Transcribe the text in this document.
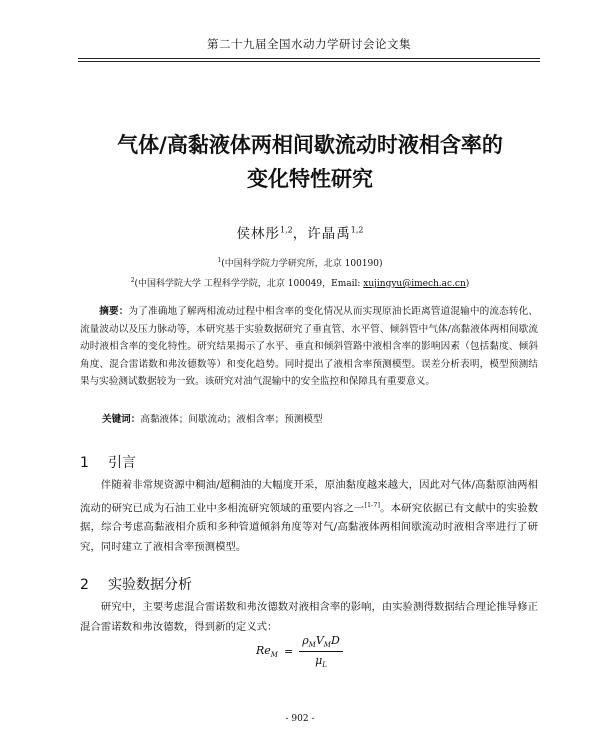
第二十九届全国水动力学研讨会论文集
气体/高黏液体两相间歇流动时液相含率的
变化特性研究
侯林彤$^{1,2}$，许晶禹$^{1,2}$
$^1$(中国科学院力学研究所，北京 100190)
$^2$(中国科学院大学 工程科学学院，北京 100049，Email: xujingyu@imech.ac.cn)
摘要：为了准确地了解两相流动过程中相含率的变化情况从而实现原油长距离管道混输中的流态转化、流量波动以及压力脉动等，本研究基于实验数据研究了垂直管、水平管、倾斜管中气体/高黏液体两相间歇流动时液相含率的变化特性。研究结果揭示了水平、垂直和倾斜管路中液相含率的影响因素（包括黏度、倾斜角度、混合雷诺数和弗汝德数等）和变化趋势。同时提出了液相含率预测模型。误差分析表明，模型预测结果与实验测试数据较为一致。该研究对油气混输中的安全监控和保障具有重要意义。
关键词：高黏液体；间歇流动；液相含率；预测模型
1 引言
伴随着非常规资源中稠油/超稠油的大幅度开采，原油黏度越来越大，因此对气体/高黏原油两相流动的研究已成为石油工业中多相流研究领域的重要内容之一[1-7]。本研究依据已有文献中的实验数据，综合考虑高黏液相介质和多种管道倾斜角度等对气/高黏液体两相间歇流动时液相含率进行了研究，同时建立了液相含率预测模型。
2 实验数据分析
研究中，主要考虑混合雷诺数和弗汝德数对液相含率的影响，由实验测得数据结合理论推导修正混合雷诺数和弗汝德数，得到新的定义式：
$Re_M = \frac{\rho_MV_MD}{\mu_L}$
- 902 -
